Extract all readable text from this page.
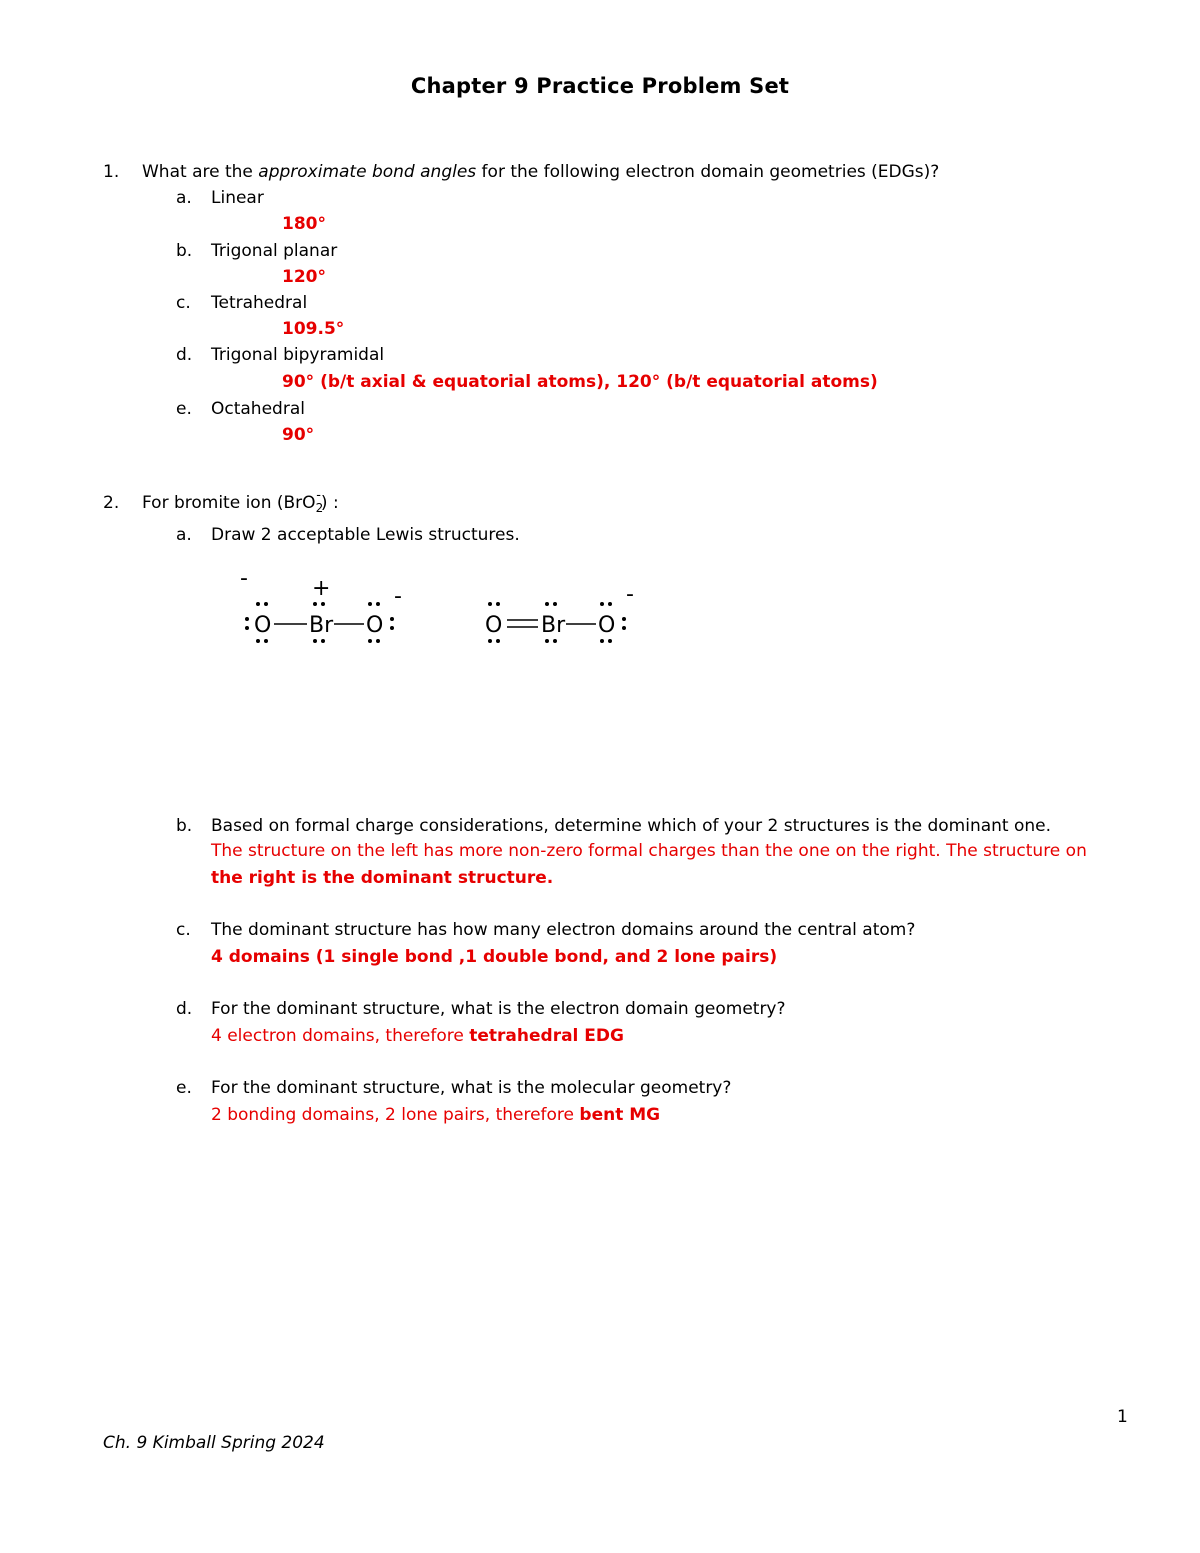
Chapter 9 Practice Problem Set
1. What are the approximate bond angles for the following electron domain geometries (EDGs)?
a. Linear
180°
b. Trigonal planar
120°
c. Tetrahedral
109.5°
d. Trigonal bipyramidal
90° (b/t axial & equatorial atoms), 120° (b/t equatorial atoms)
e. Octahedral
90°
2. For bromite ion (BrO$_2$-) :
a. Draw 2 acceptable Lewis structures.
-	+	-
O Br O
-
O Br O
b. Based on formal charge considerations, determine which of your 2 structures is the dominant one.
The structure on the left has more non-zero formal charges than the one on the right. The structure on
the right is the dominant structure.
c. The dominant structure has how many electron domains around the central atom?
4 domains (1 single bond ,1 double bond, and 2 lone pairs)
d. For the dominant structure, what is the electron domain geometry?
4 electron domains, therefore tetrahedral EDG
e. For the dominant structure, what is the molecular geometry?
2 bonding domains, 2 lone pairs, therefore bent MG
1
Ch. 9 Kimball Spring 2024
